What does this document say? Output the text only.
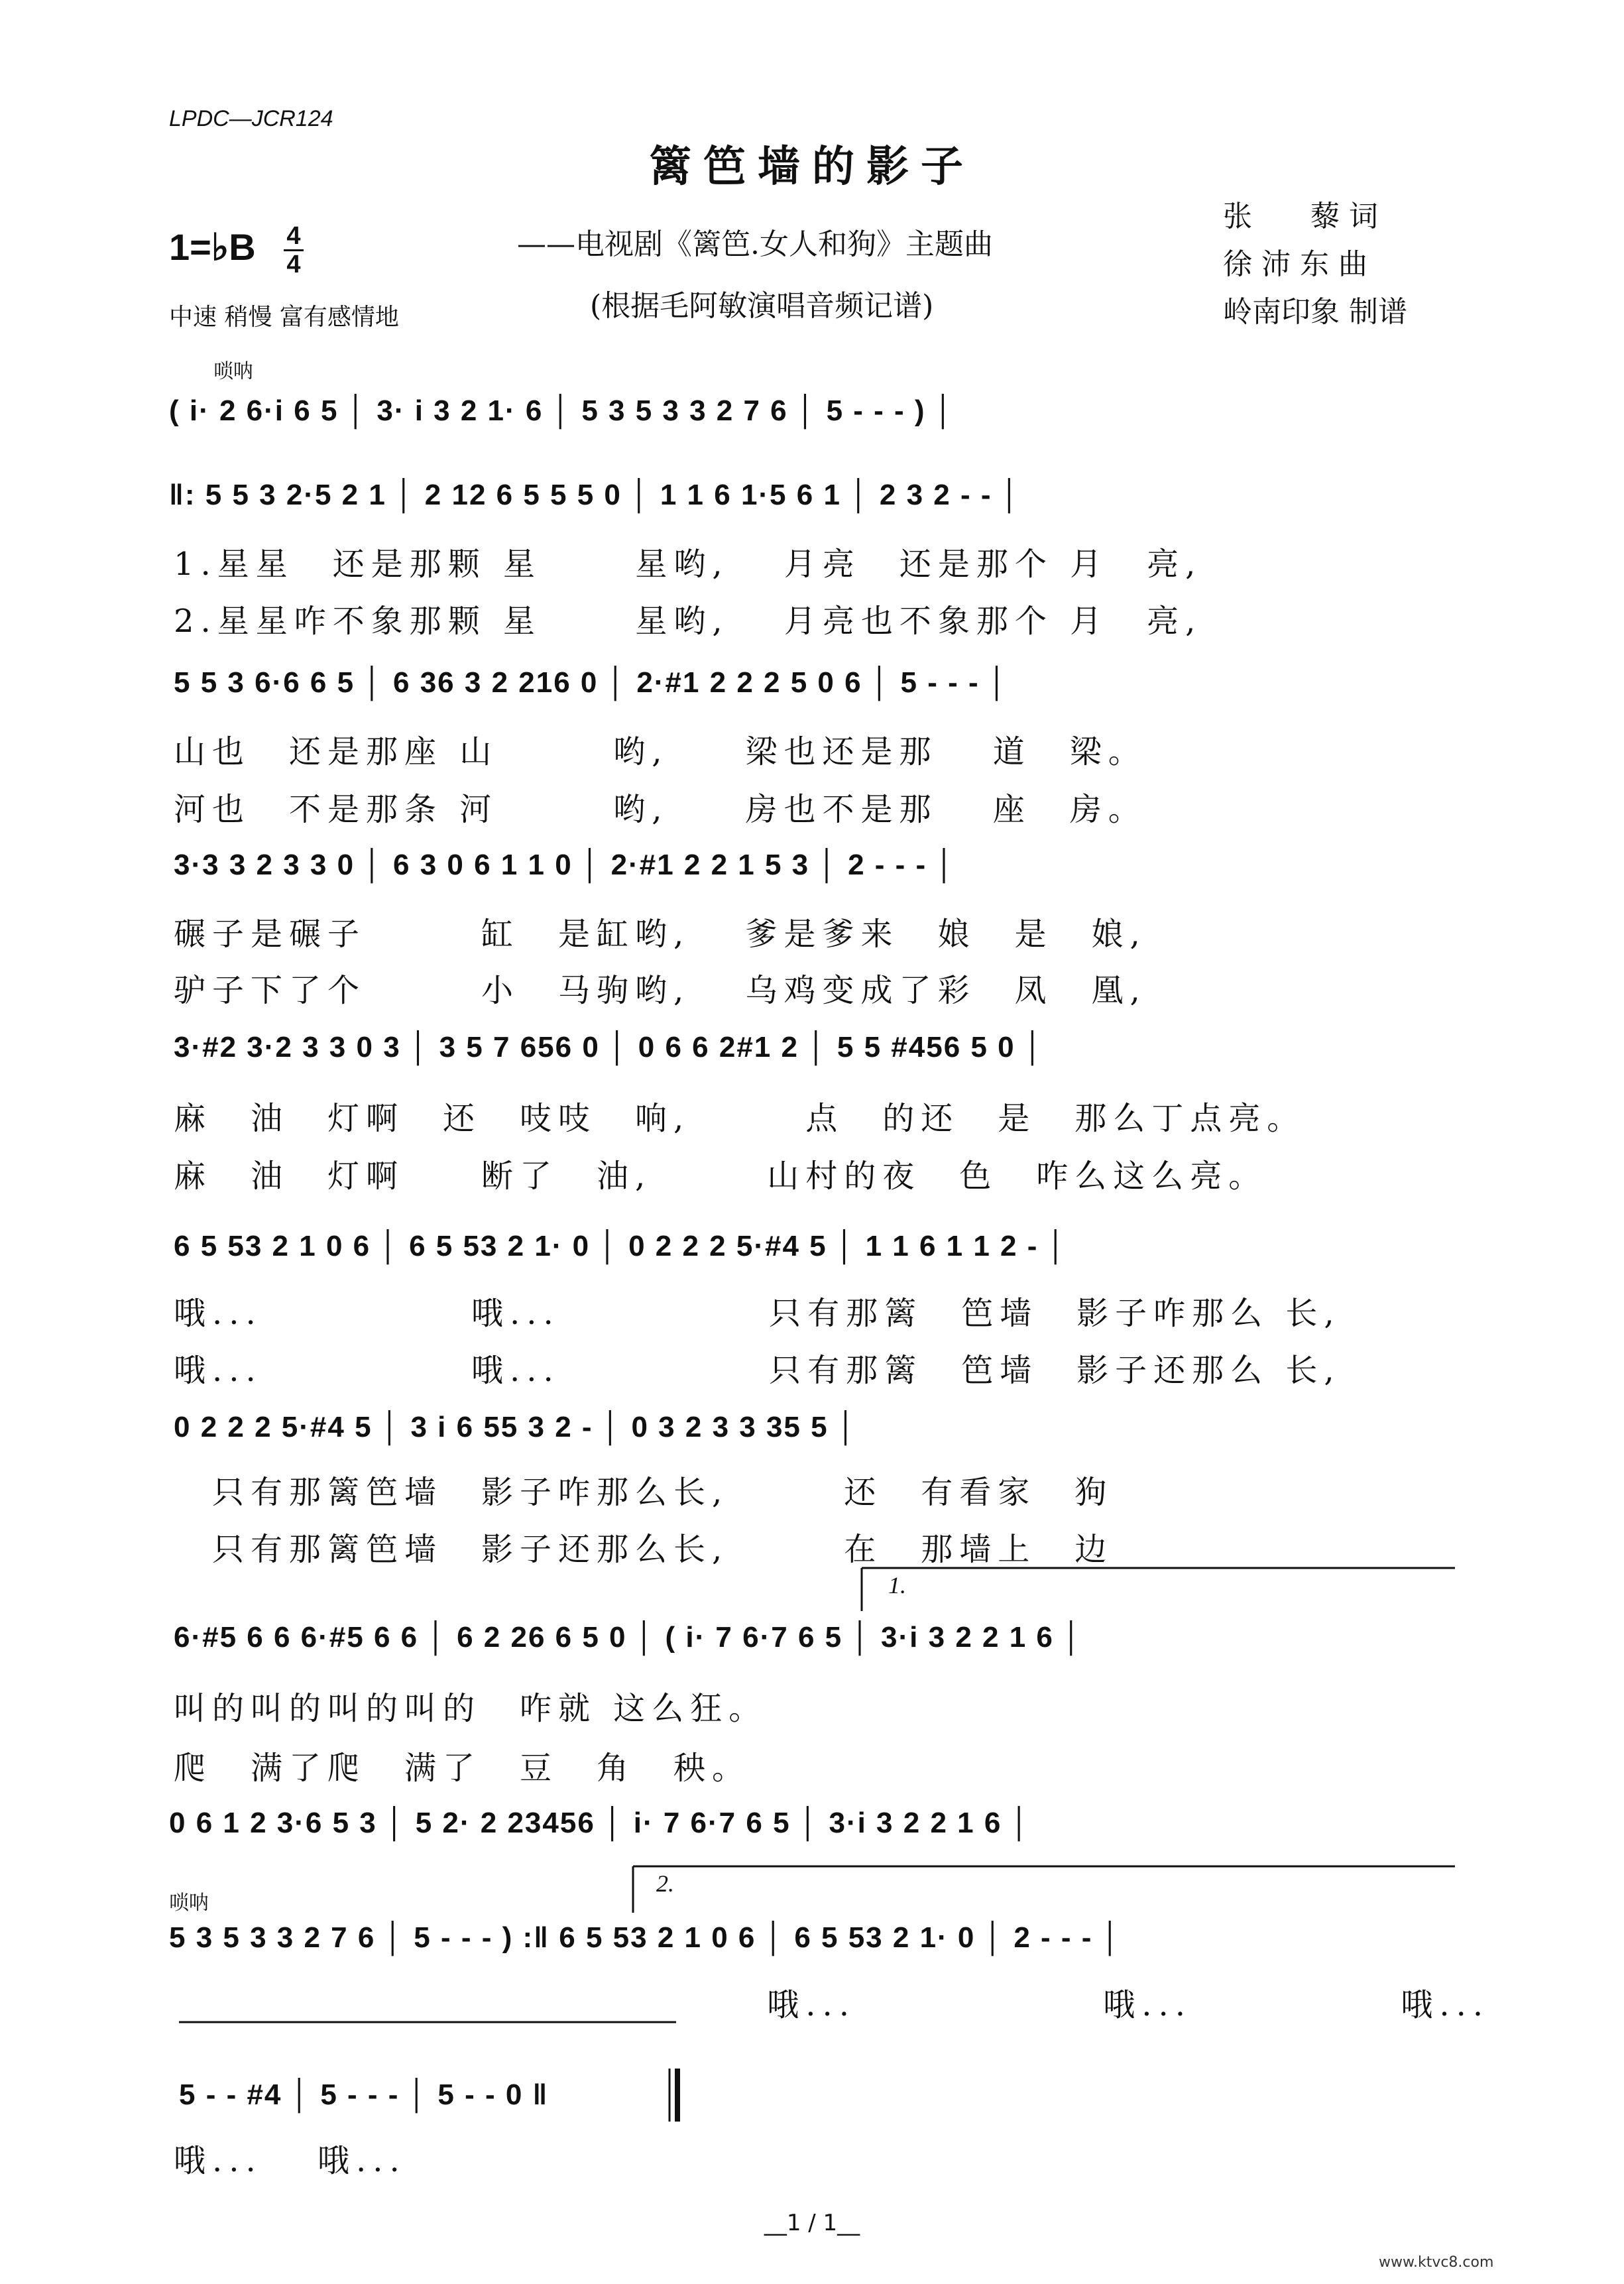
LPDC—JCR124
篱笆墙的影子
——电视剧《篱笆.女人和狗》主题曲
(根据毛阿敏演唱音频记谱)
1=♭B 4
4
中速 稍慢 富有感情地
张　　藜 词
徐 沛 东 曲
岭南印象 制谱
唢呐
唢呐
( i· 2 6·i 6 5 │ 3· i 3 2 1· 6 │ 5 3 5 3 3 2 7 6 │ 5 - - - ) │
‖: 5 5 3 2·5 2 1 │ 2 12 6 5 5 5 0 │ 1 1 6 1·5 6 1 │ 2 3 2 - - │
1.星星　还是那颗 星　　 星哟,　 月亮　还是那个 月　亮,
2.星星咋不象那颗 星　　 星哟,　 月亮也不象那个 月　亮,
5 5 3 6·6 6 5 │ 6 36 3 2 216 0 │ 2·#1 2 2 2 5 0 6 │ 5 - - - │
山也　还是那座 山　　　哟,　　梁也还是那　 道　梁。
河也　不是那条 河　　　哟,　　房也不是那　 座　房。
3·3 3 2 3 3 0 │ 6 3 0 6 1 1 0 │ 2·#1 2 2 1 5 3 │ 2 - - - │
碾子是碾子　　　缸　是缸哟,　 爹是爹来　娘　是　娘,
驴子下了个　　　小　马驹哟,　 乌鸡变成了彩　凤　凰,
3·#2 3·2 3 3 0 3 │ 3 5 7 656 0 │ 0 6 6 2#1 2 │ 5 5 #456 5 0 │
麻　油　灯啊　还　吱吱　响,　　　点　的还　是　那么丁点亮。
麻　油　灯啊　　断了　油,　　　山村的夜　色　咋么这么亮。
6 5 53 2 1 0 6 │ 6 5 53 2 1· 0 │ 0 2 2 2 5·#4 5 │ 1 1 6 1 1 2 - │
哦...　　　　　 哦...　　　　　 只有那篱　笆墙　影子咋那么 长,
哦...　　　　　 哦...　　　　　 只有那篱　笆墙　影子还那么 长,
0 2 2 2 5·#4 5 │ 3 i 6 55 3 2 - │ 0 3 2 3 3 35 5 │
　只有那篱笆墙　影子咋那么长,　　　还　有看家　狗
　只有那篱笆墙　影子还那么长,　　　在　那墙上　边
1.
6·#5 6 6 6·#5 6 6 │ 6 2 26 6 5 0 │ ( i· 7 6·7 6 5 │ 3·i 3 2 2 1 6 │
叫的叫的叫的叫的　咋就 这么狂。
爬　满了爬　满了　豆　角　秧。
0 6 1 2 3·6 5 3 │ 5 2· 2 23456 │ i· 7 6·7 6 5 │ 3·i 3 2 2 1 6 │
2.
5 3 5 3 3 2 7 6 │ 5 - - - ) :‖ 6 5 53 2 1 0 6 │ 6 5 53 2 1· 0 │ 2 - - - │
　　　　　　　　　　　　　　　 哦...　　　　　　 哦...　　　　　 哦...
5 - - #4 │ 5 - - - │ 5 - - 0 ‖
哦...　 哦...
__1 / 1__
www.ktvc8.com
